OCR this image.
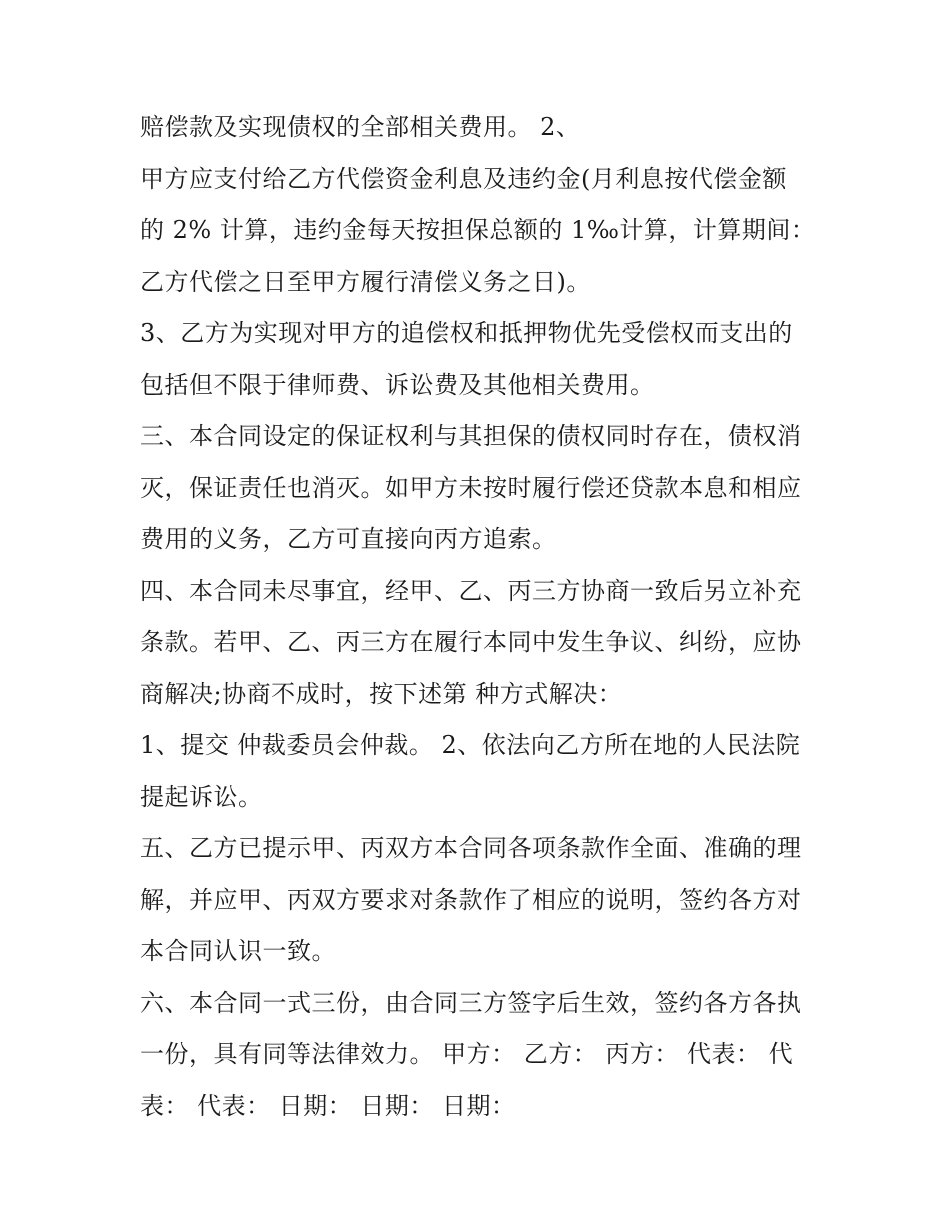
赔偿款及实现债权的全部相关费用。 2、
甲方应支付给乙方代偿资金利息及违约金(月利息按代偿金额
的 2% 计算，违约金每天按担保总额的 1‰计算，计算期间：
乙方代偿之日至甲方履行清偿义务之日)。
3、乙方为实现对甲方的追偿权和抵押物优先受偿权而支出的
包括但不限于律师费、诉讼费及其他相关费用。
三、本合同设定的保证权利与其担保的债权同时存在，债权消
灭，保证责任也消灭。如甲方未按时履行偿还贷款本息和相应
费用的义务，乙方可直接向丙方追索。
四、本合同未尽事宜，经甲、乙、丙三方协商一致后另立补充
条款。若甲、乙、丙三方在履行本同中发生争议、纠纷，应协
商解决;协商不成时，按下述第 种方式解决：
1、提交 仲裁委员会仲裁。 2、依法向乙方所在地的人民法院
提起诉讼。
五、乙方已提示甲、丙双方本合同各项条款作全面、准确的理
解，并应甲、丙双方要求对条款作了相应的说明，签约各方对
本合同认识一致。
六、本合同一式三份，由合同三方签字后生效，签约各方各执
一份，具有同等法律效力。 甲方： 乙方： 丙方： 代表： 代
表： 代表： 日期： 日期： 日期：
